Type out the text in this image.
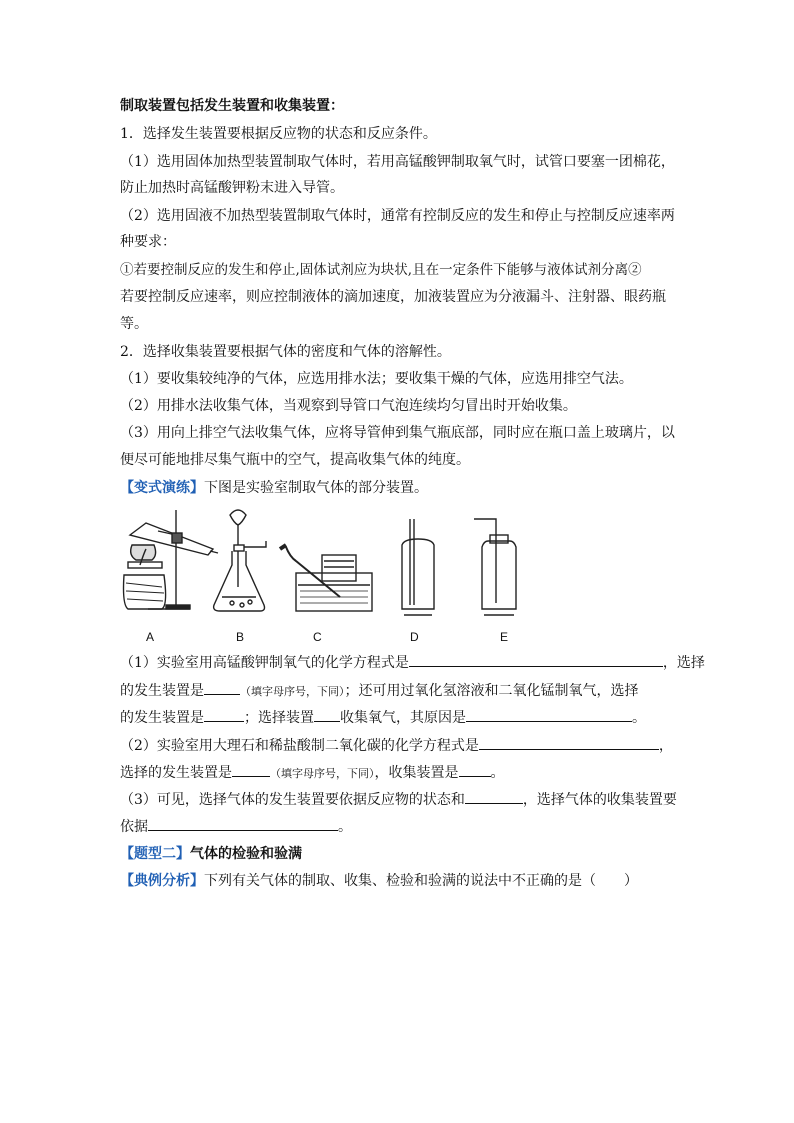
制取装置包括发生装置和收集装置：
1．选择发生装置要根据反应物的状态和反应条件。
（1）选用固体加热型装置制取气体时，若用高锰酸钾制取氧气时，试管口要塞一团棉花，
防止加热时高锰酸钾粉末进入导管。
（2）选用固液不加热型装置制取气体时，通常有控制反应的发生和停止与控制反应速率两
种要求：
①若要控制反应的发生和停止,固体试剂应为块状,且在一定条件下能够与液体试剂分离②
若要控制反应速率，则应控制液体的滴加速度，加液装置应为分液漏斗、注射器、眼药瓶
等。
2．选择收集装置要根据气体的密度和气体的溶解性。
（1）要收集较纯净的气体，应选用排水法；要收集干燥的气体，应选用排空气法。
（2）用排水法收集气体，当观察到导管口气泡连续均匀冒出时开始收集。
（3）用向上排空气法收集气体，应将导管伸到集气瓶底部，同时应在瓶口盖上玻璃片，以
便尽可能地排尽集气瓶中的空气，提高收集气体的纯度。
【变式演练】下图是实验室制取气体的部分装置。
A	B	C	D	E
（1）实验室用高锰酸钾制氧气的化学方程式是	，选择
的发生装置是	（填字母序号，下同）；还可用过氧化氢溶液和二氧化锰制氧气，选择
的发生装置是	；选择装置 收集氧气，其原因是	。
（2）实验室用大理石和稀盐酸制二氧化碳的化学方程式是	，
选择的发生装置是	（填字母序号，下同），收集装置是 。
（3）可见，选择气体的发生装置要依据反应物的状态和	，选择气体的收集装置要
依据	。
【题型二】气体的检验和验满
【典例分析】下列有关气体的制取、收集、检验和验满的说法中不正确的是（　　）
